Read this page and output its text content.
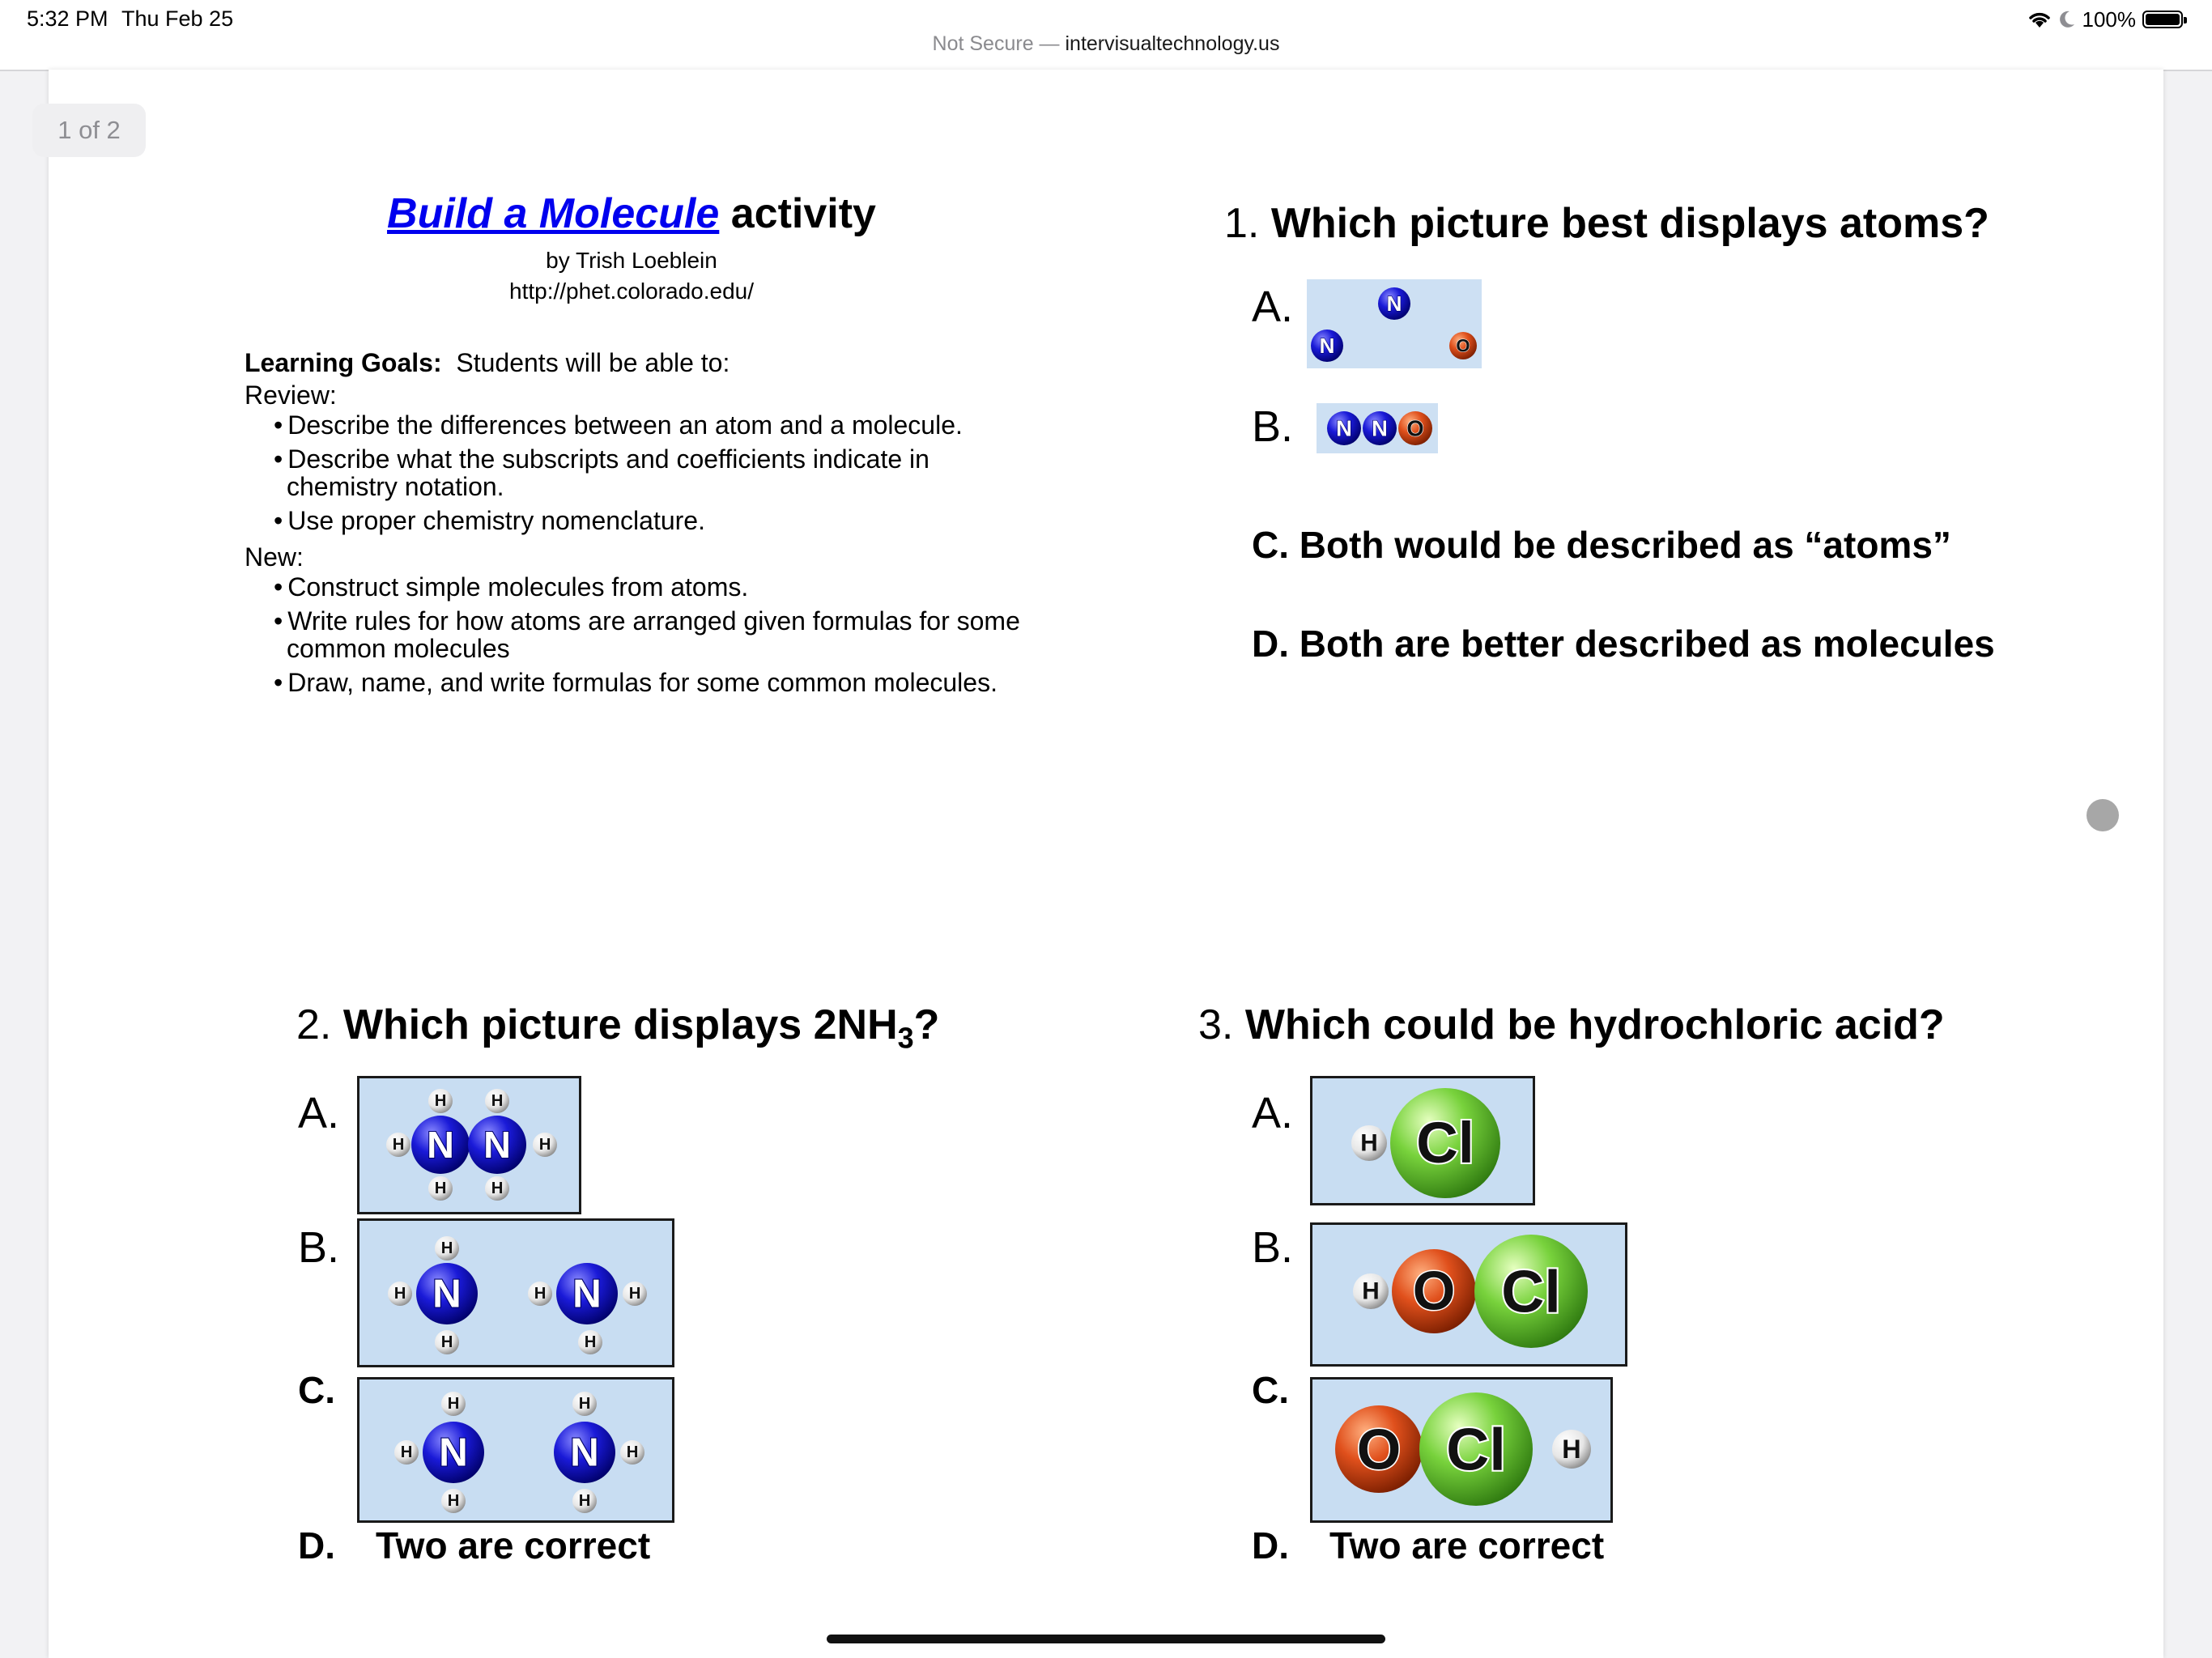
5:32 PM Thu Feb 25
Not Secure — intervisualtechnology.us
100%
1 of 2
Build a Molecule activity
by Trish Loeblein
http://phet.colorado.edu/

Learning Goals: Students will be able to:

Review:

• Describe the differences between an atom and a molecule.
• Describe what the subscripts and coefficients indicate in chemistry notation.
• Use proper chemistry nomenclature.

New:

• Construct simple molecules from atoms.
• Write rules for how atoms are arranged given formulas for some common molecules
• Draw, name, and write formulas for some common molecules.
1. Which picture best displays atoms?
A.	N
N	O
B.	O
N
N
C. Both would be described as “atoms”
D. Both are better described as molecules
2. Which picture displays $2NH_3$?
A.	H	H
H	H
H	H
N N
B.	H
H
H
N	H	H
H
N
C.	H
H
H
N
H
H
H
N
D. Two are correct
3. Which could be hydrochloric acid?
A.
H Cl
B.
H O Cl
C.
O Cl H
D. Two are correct
